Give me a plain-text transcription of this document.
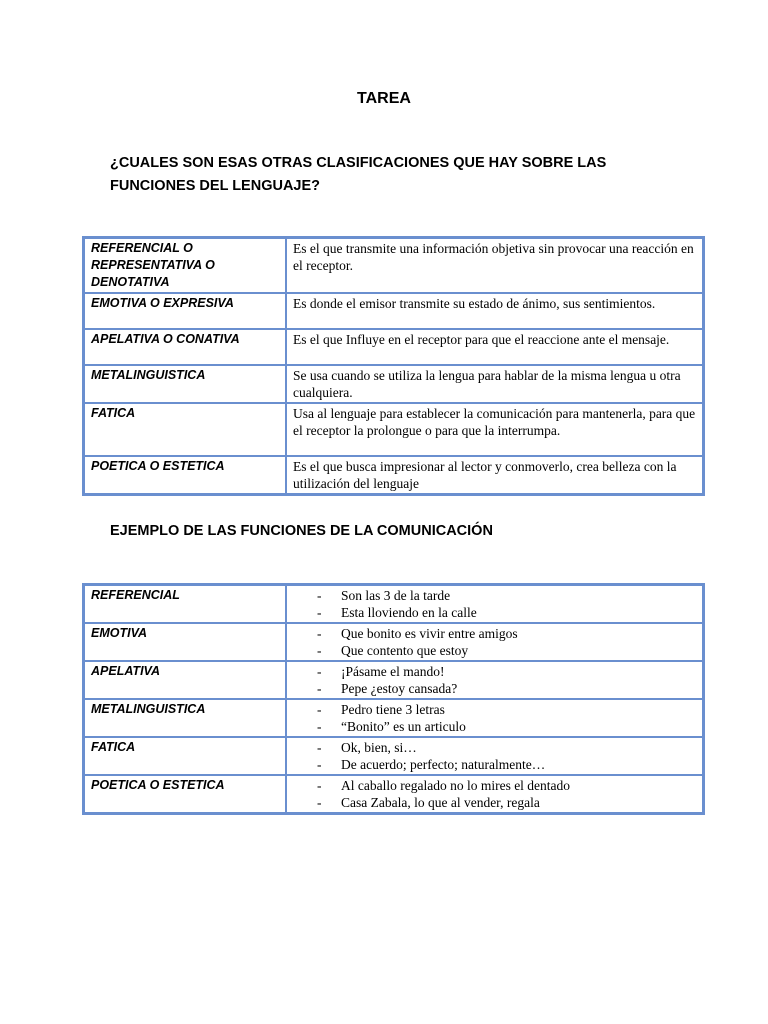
TAREA
¿CUALES SON ESAS OTRAS CLASIFICACIONES QUE HAY SOBRE LAS FUNCIONES DEL LENGUAJE?
REFERENCIAL O REPRESENTATIVA O DENOTATIVA	Es el que transmite una información objetiva sin provocar una reacción en el receptor.
EMOTIVA O EXPRESIVA	Es donde el emisor transmite su estado de ánimo, sus sentimientos.
APELATIVA O CONATIVA	Es el que Influye en el receptor para que el reaccione ante el mensaje.
METALINGUISTICA	Se usa cuando se utiliza la lengua para hablar de la misma lengua u otra cualquiera.
FATICA	Usa al lenguaje para establecer la comunicación para mantenerla, para que el receptor la prolongue o para que la interrumpa.
POETICA O ESTETICA	Es el que busca impresionar al lector y conmoverlo, crea belleza con la utilización del lenguaje
EJEMPLO DE LAS FUNCIONES DE LA COMUNICACIÓN
REFERENCIAL	- Son las 3 de la tarde
- Esta lloviendo en la calle

EMOTIVA	- Que bonito es vivir entre amigos
- Que contento que estoy

APELATIVA	- ¡Pásame el mando!
- Pepe ¿estoy cansada?

METALINGUISTICA	- Pedro tiene 3 letras
- “Bonito” es un articulo

FATICA	- Ok, bien, si…
- De acuerdo; perfecto; naturalmente…

POETICA O ESTETICA	- Al caballo regalado no lo mires el dentado
- Casa Zabala, lo que al vender, regala
